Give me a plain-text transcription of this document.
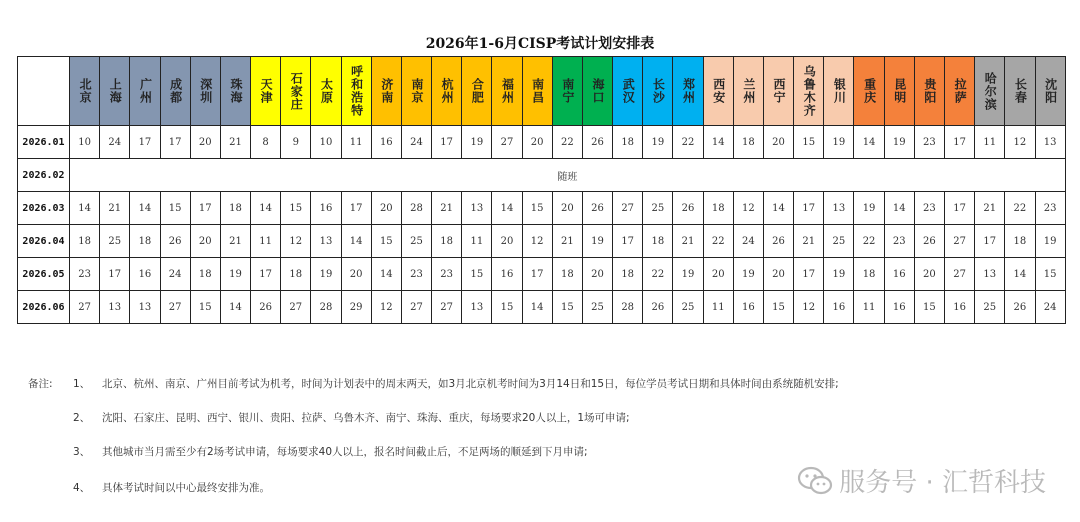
2026年1-6月CISP考试计划安排表
	北京	上海	广州	成都	深圳	珠海	天津	石家庄	太原	呼和浩特	济南	南京	杭州	合肥	福州	南昌	南宁	海口	武汉	长沙	郑州	西安	兰州	西宁	乌鲁木齐	银川	重庆	昆明	贵阳	拉萨	哈尔滨	长春	沈阳
2026.01	10	24	17	17	20	21	8	9	10	11	16	24	17	19	27	20	22	26	18	19	22	14	18	20	15	19	14	19	23	17	11	12	13
2026.02	随班																																
2026.03	14	21	14	15	17	18	14	15	16	17	20	28	21	13	14	15	20	26	27	25	26	18	12	14	17	13	19	14	23	17	21	22	23
2026.04	18	25	18	26	20	21	11	12	13	14	15	25	18	11	20	12	21	19	17	18	21	22	24	26	21	25	22	23	26	27	17	18	19
2026.05	23	17	16	24	18	19	17	18	19	20	14	23	23	15	16	17	18	20	18	22	19	20	19	20	17	19	18	16	20	27	13	14	15
2026.06	27	13	13	27	15	14	26	27	28	29	12	27	27	13	15	14	15	25	28	26	25	11	16	15	12	16	11	16	15	16	25	26	24
备注: 1、 北京、杭州、南京、广州目前考试为机考，时间为计划表中的周末两天，如3月北京机考时间为3月14日和15日，每位学员考试日期和具体时间由系统随机安排;
2、 沈阳、石家庄、昆明、西宁、银川、贵阳、拉萨、乌鲁木齐、南宁、珠海、重庆，每场要求20人以上，1场可申请;
3、 其他城市当月需至少有2场考试申请，每场要求40人以上，报名时间截止后，不足两场的顺延到下月申请;
4、 具体考试时间以中心最终安排为准。	服务号 · 汇哲科技
